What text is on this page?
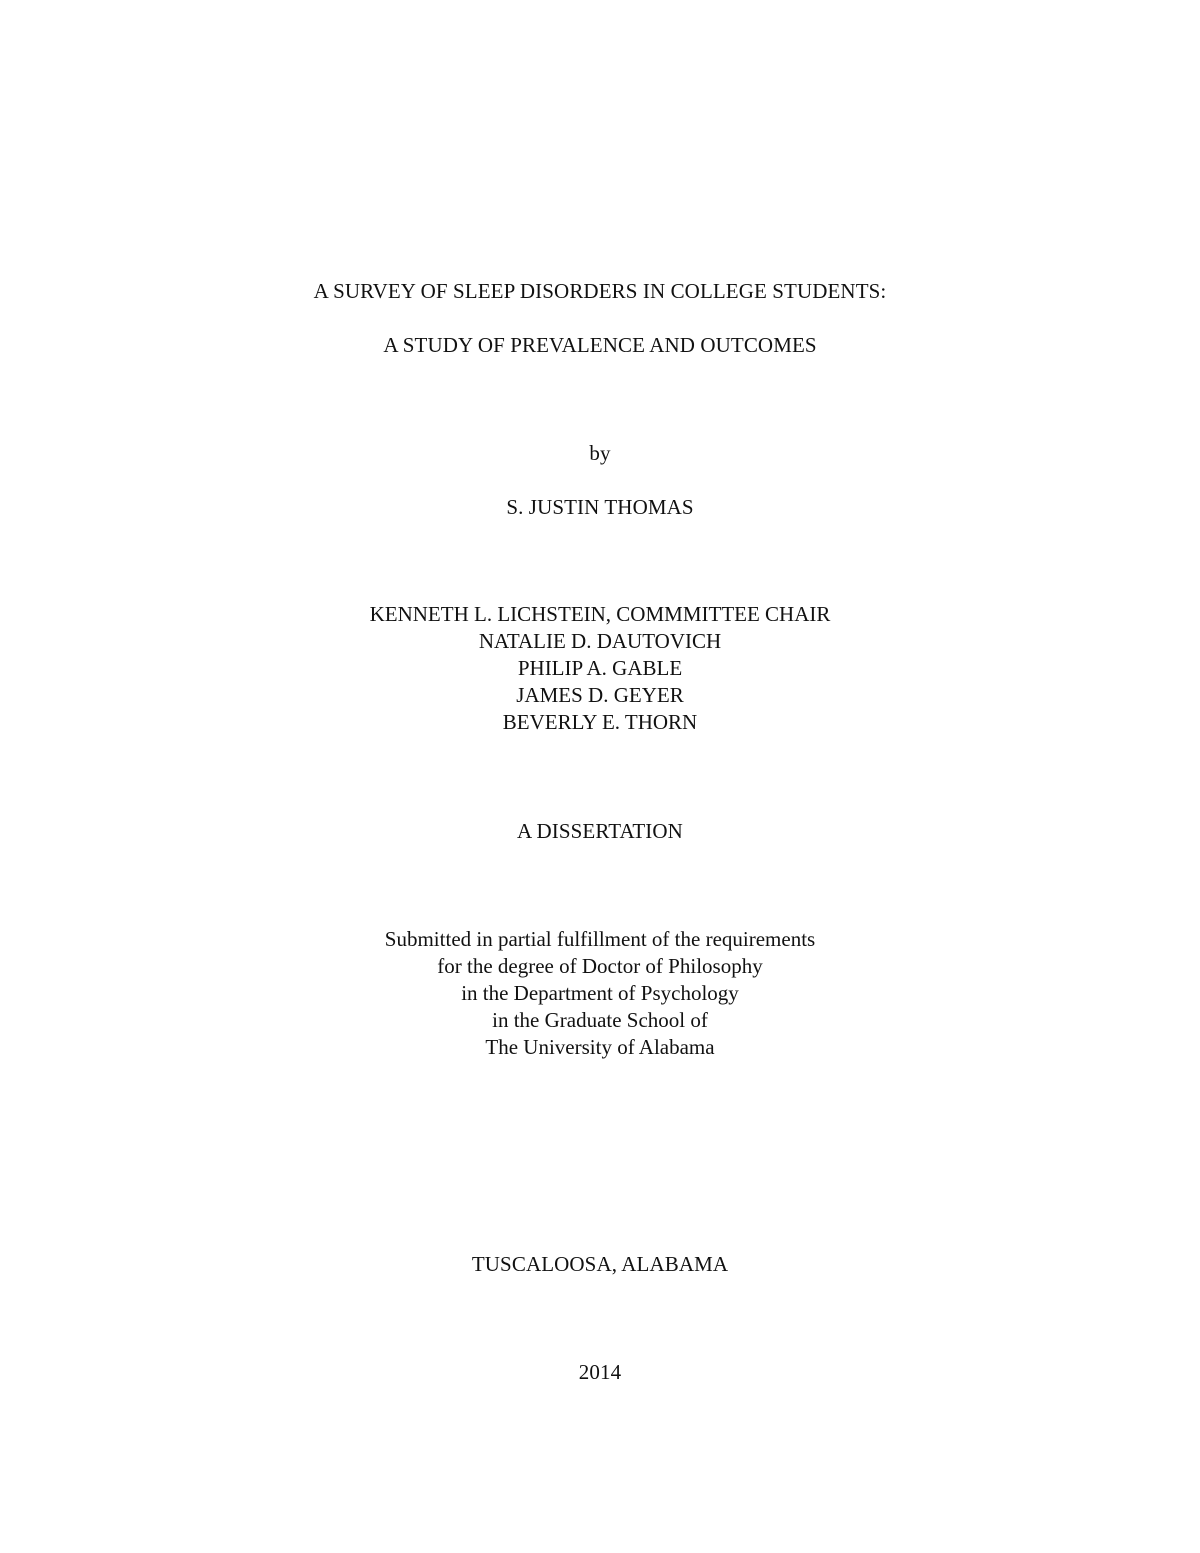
A SURVEY OF SLEEP DISORDERS IN COLLEGE STUDENTS:
A STUDY OF PREVALENCE AND OUTCOMES
by
S. JUSTIN THOMAS
KENNETH L. LICHSTEIN, COMMMITTEE CHAIR
NATALIE D. DAUTOVICH
PHILIP A. GABLE
JAMES D. GEYER
BEVERLY E. THORN
A DISSERTATION
Submitted in partial fulfillment of the requirements
for the degree of Doctor of Philosophy
in the Department of Psychology
in the Graduate School of
The University of Alabama
TUSCALOOSA, ALABAMA
2014
